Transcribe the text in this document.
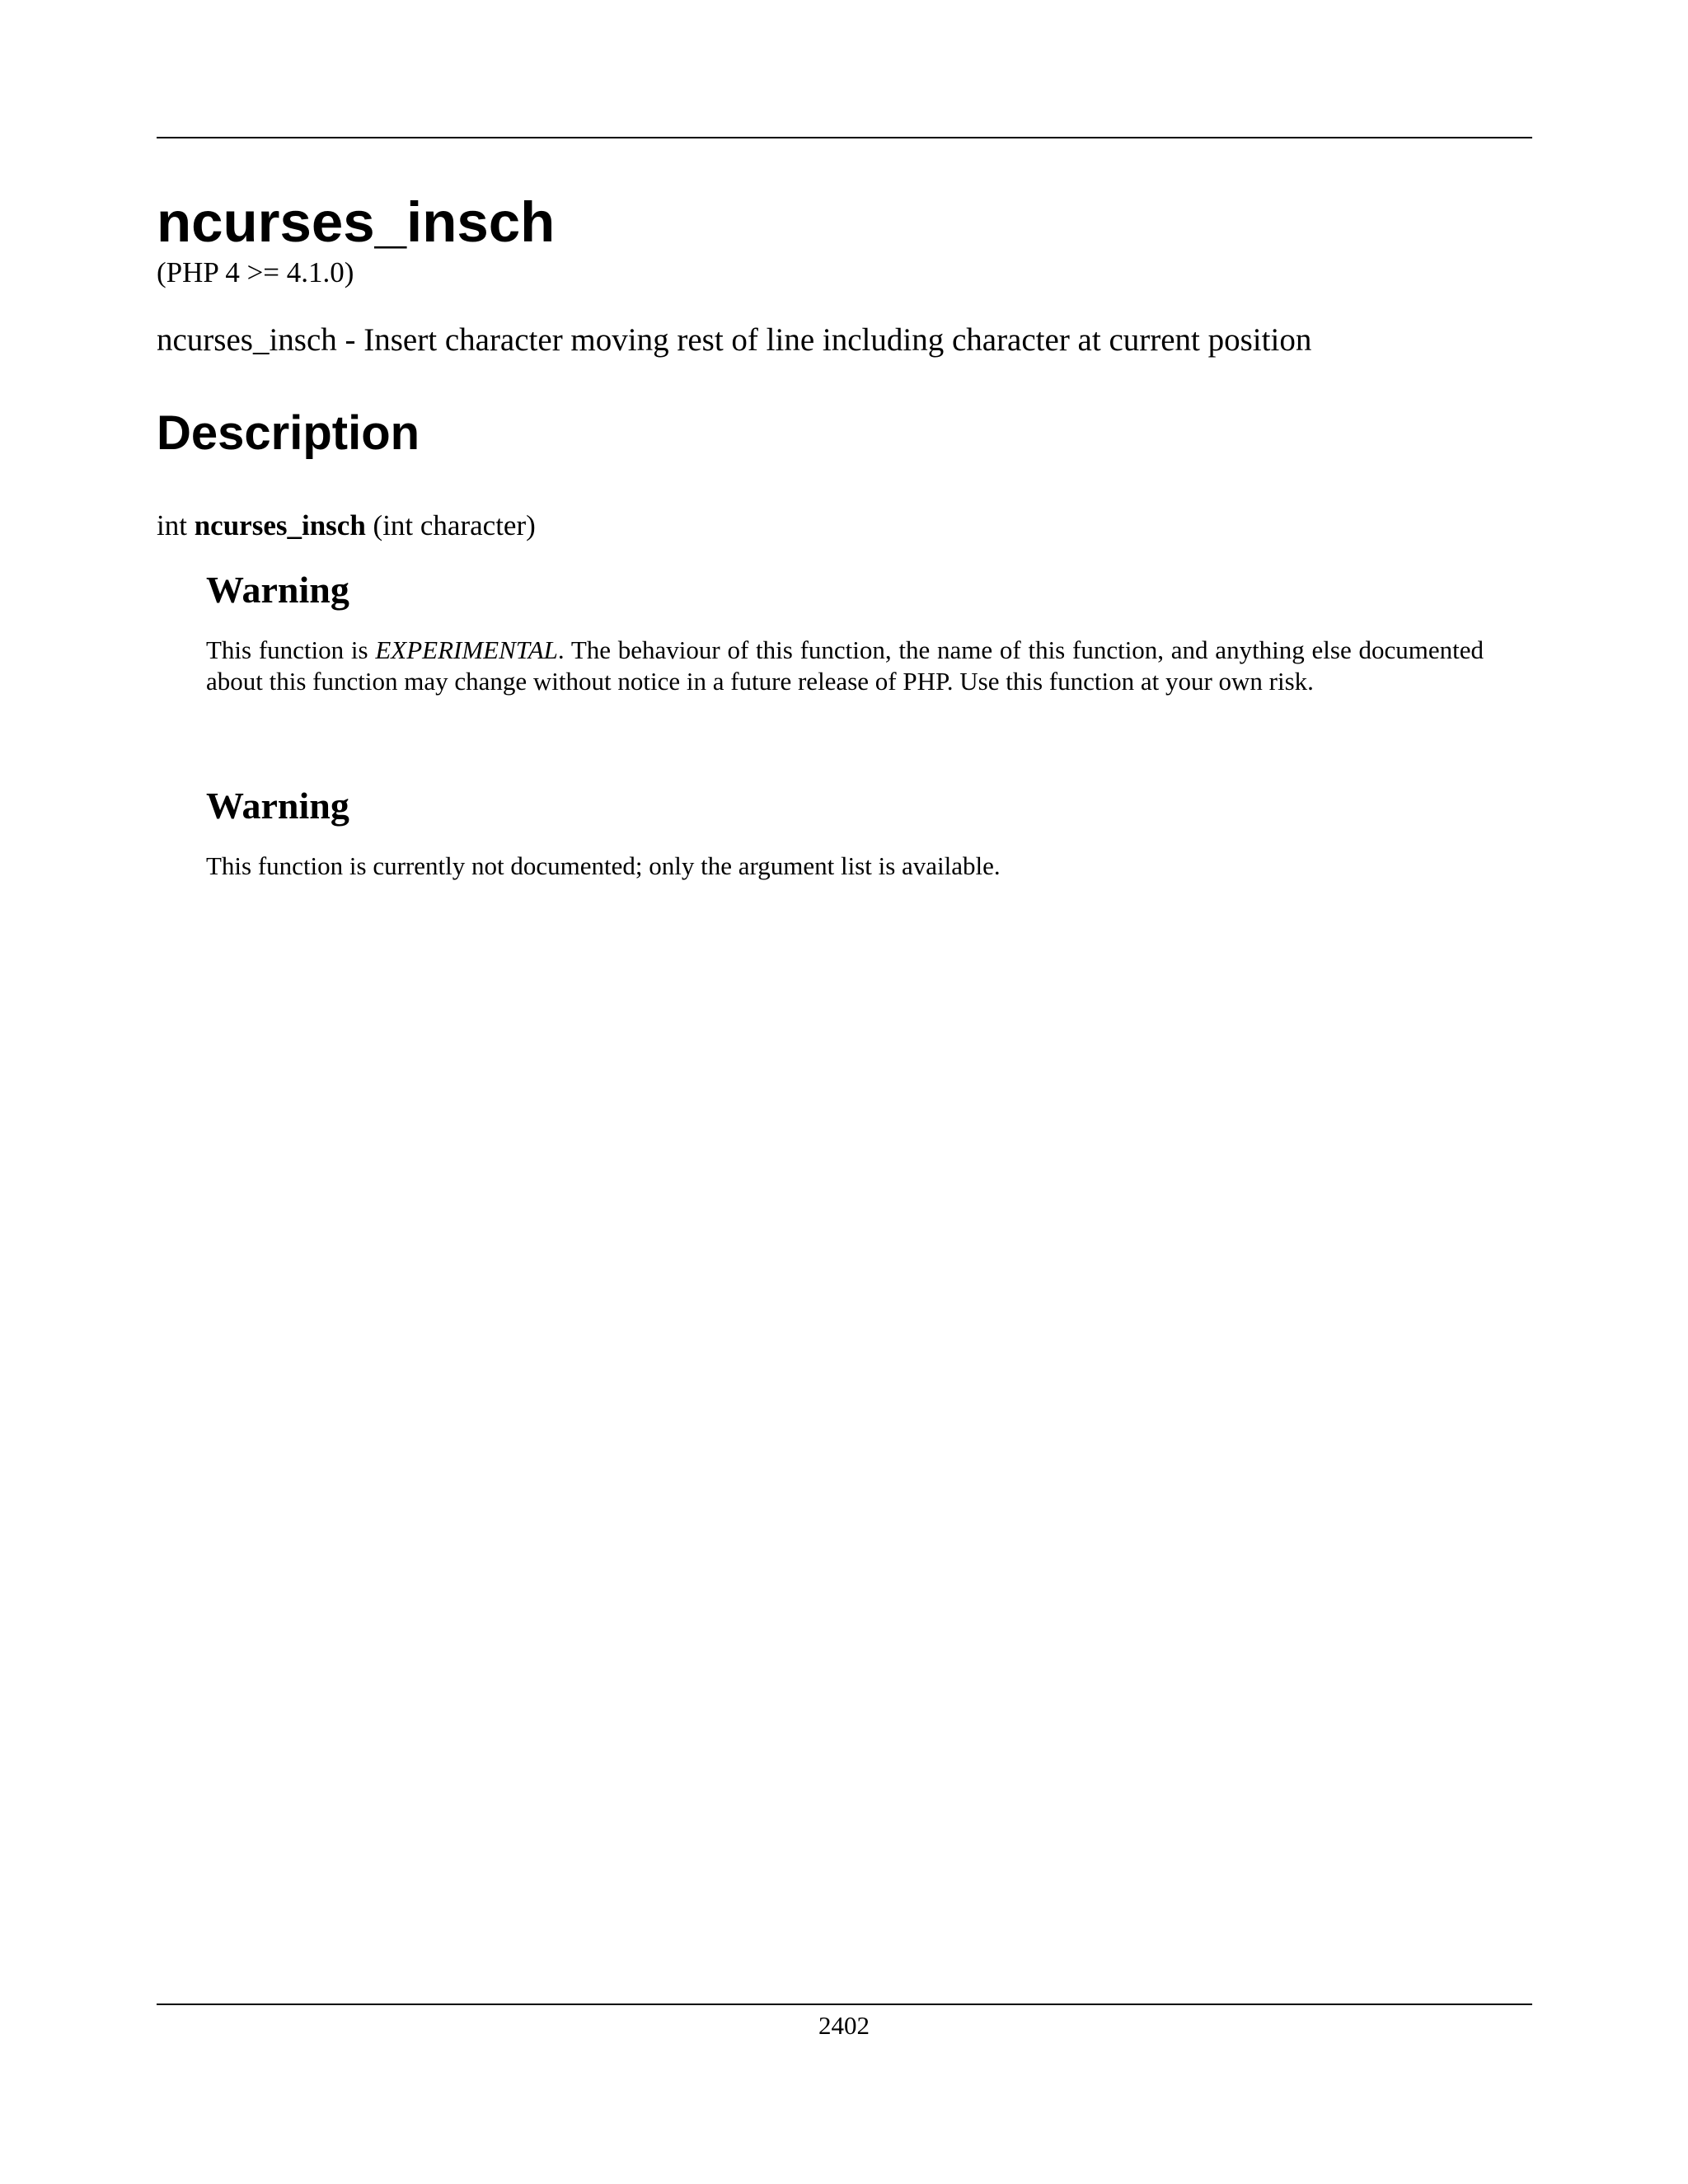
ncurses_insch
(PHP 4 >= 4.1.0)
ncurses_insch - Insert character moving rest of line including character at current position
Description
int ncurses_insch (int character)
Warning

This function is EXPERIMENTAL. The behaviour of this function, the name of this function, and anything else documented about this function may change without notice in a future release of PHP. Use this function at your own risk.

Warning

This function is currently not documented; only the argument list is available.

2402
